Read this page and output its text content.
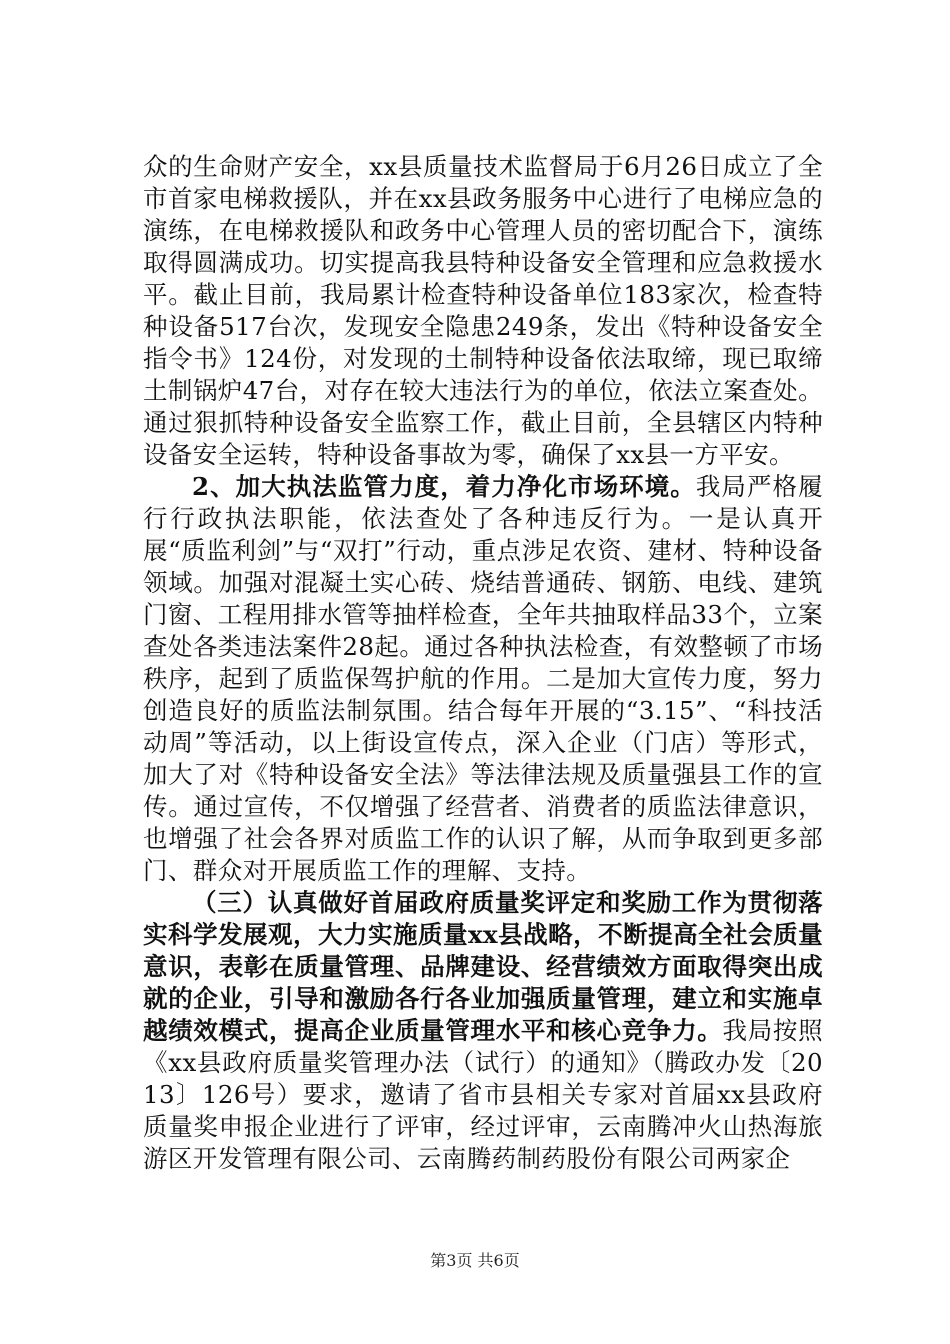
众的生命财产安全，xx县质量技术监督局于6月26日成立了全市首家电梯救援队，并在xx县政务服务中心进行了电梯应急的演练，在电梯救援队和政务中心管理人员的密切配合下，演练取得圆满成功。切实提高我县特种设备安全管理和应急救援水平。截止目前，我局累计检查特种设备单位183家次，检查特种设备517台次，发现安全隐患249条，发出《特种设备安全指令书》124份，对发现的土制特种设备依法取缔，现已取缔土制锅炉47台，对存在较大违法行为的单位，依法立案查处。通过狠抓特种设备安全监察工作，截止目前，全县辖区内特种设备安全运转，特种设备事故为零，确保了xx县一方平安。

2、加大执法监管力度，着力净化市场环境。我局严格履行行政执法职能，依法查处了各种违反行为。一是认真开展“质监利剑”与“双打”行动，重点涉足农资、建材、特种设备领域。加强对混凝土实心砖、烧结普通砖、钢筋、电线、建筑门窗、工程用排水管等抽样检查，全年共抽取样品33个，立案查处各类违法案件28起。通过各种执法检查，有效整顿了市场秩序，起到了质监保驾护航的作用。二是加大宣传力度，努力创造良好的质监法制氛围。结合每年开展的“3.15”、“科技活动周”等活动，以上街设宣传点，深入企业（门店）等形式，加大了对《特种设备安全法》等法律法规及质量强县工作的宣传。通过宣传，不仅增强了经营者、消费者的质监法律意识，也增强了社会各界对质监工作的认识了解，从而争取到更多部门、群众对开展质监工作的理解、支持。

（三）认真做好首届政府质量奖评定和奖励工作为贯彻落实科学发展观，大力实施质量xx县战略，不断提高全社会质量意识，表彰在质量管理、品牌建设、经营绩效方面取得突出成就的企业，引导和激励各行各业加强质量管理，建立和实施卓越绩效模式，提高企业质量管理水平和核心竞争力。我局按照《xx县政府质量奖管理办法（试行）的通知》（腾政办发〔2013〕126号）要求，邀请了省市县相关专家对首届xx县政府质量奖申报企业进行了评审，经过评审，云南腾冲火山热海旅游区开发管理有限公司、云南腾药制药股份有限公司两家企

第3页 共6页
